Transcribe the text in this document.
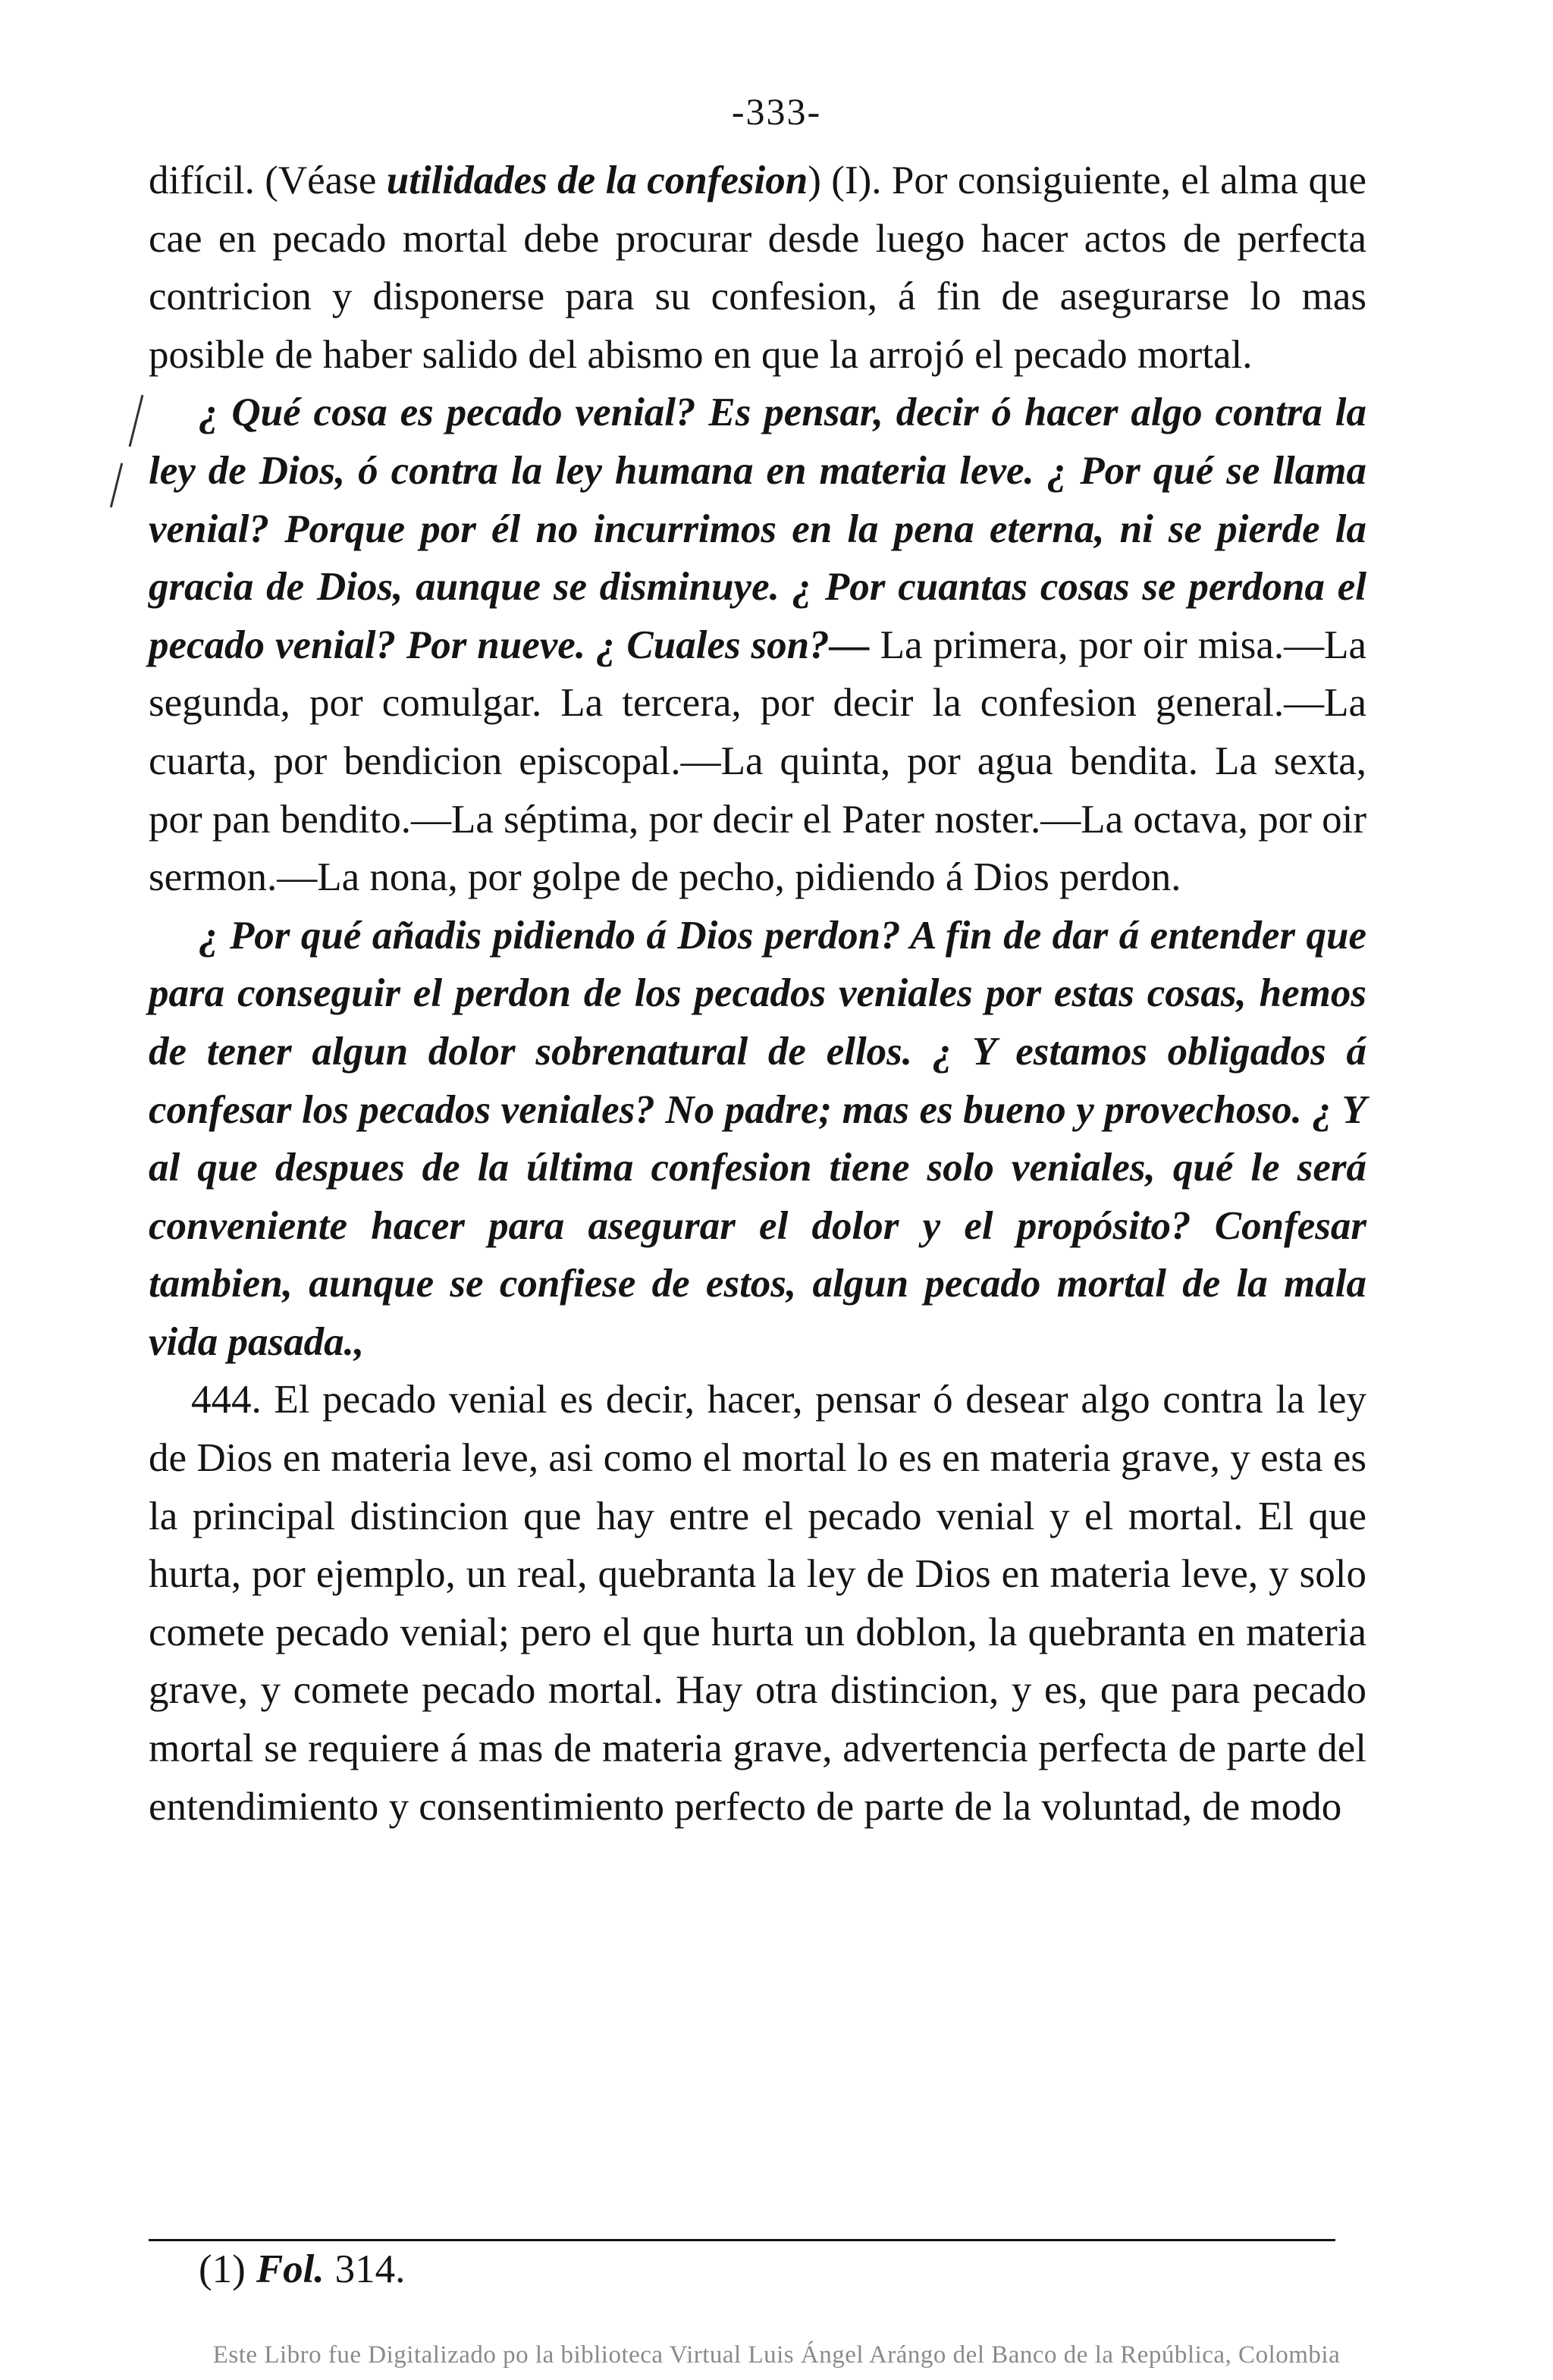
-333-

difícil. (Véase utilidades de la confesion) (I). Por consiguiente, el alma que cae en pecado mortal debe procurar desde luego hacer actos de perfecta contricion y disponerse para su confesion, á fin de asegurarse lo mas posible de haber salido del abismo en que la arrojó el pecado mortal.

¿ Qué cosa es pecado venial? Es pensar, decir ó hacer algo contra la ley de Dios, ó contra la ley humana en materia leve. ¿ Por qué se llama venial? Porque por él no incurrimos en la pena eterna, ni se pierde la gracia de Dios, aunque se disminuye. ¿ Por cuantas cosas se perdona el pecado venial? Por nueve. ¿ Cuales son?— La primera, por oir misa.—La segunda, por comulgar. La tercera, por decir la confesion general.—La cuarta, por bendicion episcopal.—La quinta, por agua bendita. La sexta, por pan bendito.—La séptima, por decir el Pater noster.—La octava, por oir sermon.—La nona, por golpe de pecho, pidiendo á Dios perdon.

¿ Por qué añadis pidiendo á Dios perdon? A fin de dar á entender que para conseguir el perdon de los pecados veniales por estas cosas, hemos de tener algun dolor sobrenatural de ellos. ¿ Y estamos obligados á confesar los pecados veniales? No padre; mas es bueno y provechoso. ¿ Y al que despues de la última confesion tiene solo veniales, qué le será conveniente hacer para asegurar el dolor y el propósito? Confesar tambien, aunque se confiese de estos, algun pecado mortal de la mala vida pasada.,

444. El pecado venial es decir, hacer, pensar ó desear algo contra la ley de Dios en materia leve, asi como el mortal lo es en materia grave, y esta es la principal distincion que hay entre el pecado venial y el mortal. El que hurta, por ejemplo, un real, quebranta la ley de Dios en materia leve, y solo comete pecado venial; pero el que hurta un doblon, la quebranta en materia grave, y comete pecado mortal. Hay otra distincion, y es, que para pecado mortal se requiere á mas de materia grave, advertencia perfecta de parte del entendimiento y consentimiento perfecto de parte de la voluntad, de modo

(1) Fol. 314.
Este Libro fue Digitalizado po la biblioteca Virtual Luis Ángel Arángo del Banco de la República, Colombia
